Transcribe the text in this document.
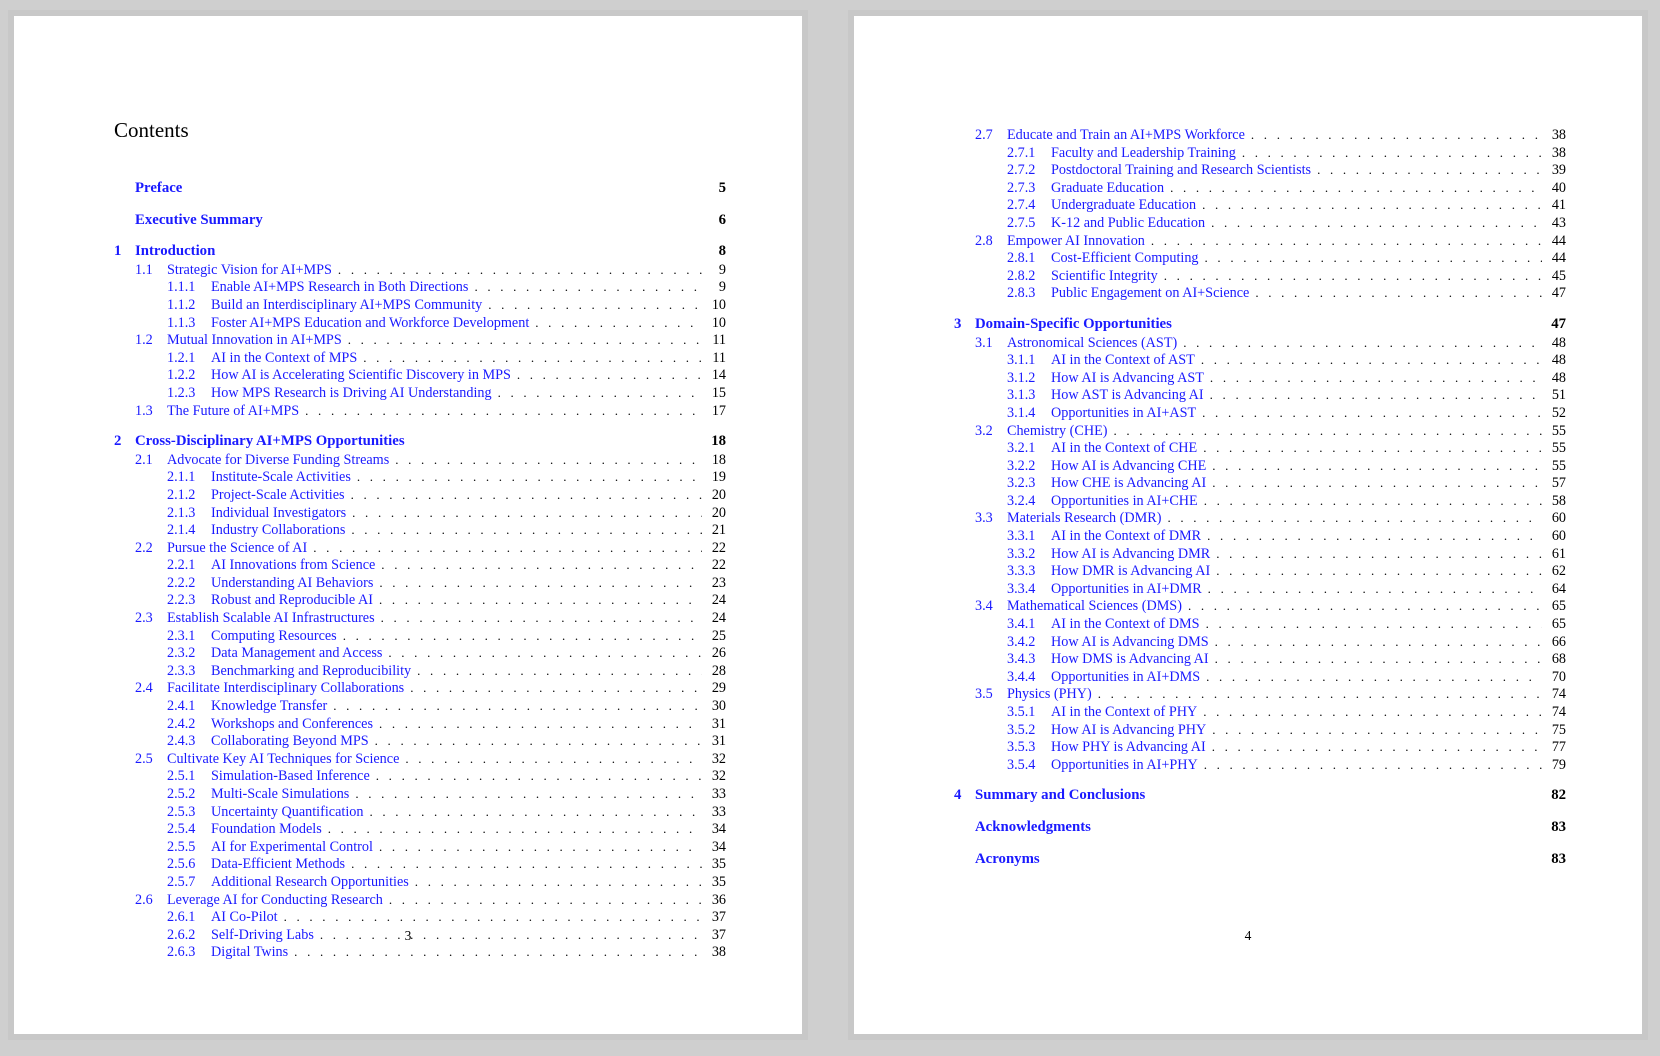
Contents
Preface	5
Executive Summary	6
1 Introduction	8
1.1	Strategic Vision for AI+MPS . . .	9
1.1.1	Enable AI+MPS Research in Both Directions . . .	9
1.1.2	Build an Interdisciplinary AI+MPS Community . . .	10
1.1.3	Foster AI+MPS Education and Workforce Development . . .	10
1.2	Mutual Innovation in AI+MPS . . .	11
1.2.1	AI in the Context of MPS . . .	11
1.2.2	How AI is Accelerating Scientific Discovery in MPS . . .	14
1.2.3	How MPS Research is Driving AI Understanding . . .	15
1.3	The Future of AI+MPS . . .	17
2 Cross-Disciplinary AI+MPS Opportunities	18
2.1	Advocate for Diverse Funding Streams . . .	18
2.1.1	Institute-Scale Activities . . .	19
2.1.2	Project-Scale Activities . . .	20
2.1.3	Individual Investigators . . .	20
2.1.4	Industry Collaborations . . .	21
2.2	Pursue the Science of AI . . .	22
2.2.1	AI Innovations from Science . . .	22
2.2.2	Understanding AI Behaviors . . .	23
2.2.3	Robust and Reproducible AI . . .	24
2.3	Establish Scalable AI Infrastructures . . .	24
2.3.1	Computing Resources . . .	25
2.3.2	Data Management and Access . . .	26
2.3.3	Benchmarking and Reproducibility . . .	28
2.4	Facilitate Interdisciplinary Collaborations . . .	29
2.4.1	Knowledge Transfer . . .	30
2.4.2	Workshops and Conferences . . .	31
2.4.3	Collaborating Beyond MPS . . .	31
2.5	Cultivate Key AI Techniques for Science . . .	32
2.5.1	Simulation-Based Inference . . .	32
2.5.2	Multi-Scale Simulations . . .	33
2.5.3	Uncertainty Quantification . . .	33
2.5.4	Foundation Models . . .	34
2.5.5	AI for Experimental Control . . .	34
2.5.6	Data-Efficient Methods . . .	35
2.5.7	Additional Research Opportunities . . .	35
2.6	Leverage AI for Conducting Research . . .	36
2.6.1	AI Co-Pilot . . .	37
2.6.2	Self-Driving Labs . . .	37
2.6.3	Digital Twins . . .	38
3
2.7	Educate and Train an AI+MPS Workforce . . .	38
2.7.1	Faculty and Leadership Training . . .	38
2.7.2	Postdoctoral Training and Research Scientists . . .	39
2.7.3	Graduate Education . . .	40
2.7.4	Undergraduate Education . . .	41
2.7.5	K-12 and Public Education . . .	43
2.8	Empower AI Innovation . . .	44
2.8.1	Cost-Efficient Computing . . .	44
2.8.2	Scientific Integrity . . .	45
2.8.3	Public Engagement on AI+Science . . .	47
3 Domain-Specific Opportunities	47
3.1	Astronomical Sciences (AST) . . .	48
3.1.1	AI in the Context of AST . . .	48
3.1.2	How AI is Advancing AST . . .	48
3.1.3	How AST is Advancing AI . . .	51
3.1.4	Opportunities in AI+AST . . .	52
3.2	Chemistry (CHE) . . .	55
3.2.1	AI in the Context of CHE . . .	55
3.2.2	How AI is Advancing CHE . . .	55
3.2.3	How CHE is Advancing AI . . .	57
3.2.4	Opportunities in AI+CHE . . .	58
3.3	Materials Research (DMR) . . .	60
3.3.1	AI in the Context of DMR . . .	60
3.3.2	How AI is Advancing DMR . . .	61
3.3.3	How DMR is Advancing AI . . .	62
3.3.4	Opportunities in AI+DMR . . .	64
3.4	Mathematical Sciences (DMS) . . .	65
3.4.1	AI in the Context of DMS . . .	65
3.4.2	How AI is Advancing DMS . . .	66
3.4.3	How DMS is Advancing AI . . .	68
3.4.4	Opportunities in AI+DMS . . .	70
3.5	Physics (PHY) . . .	74
3.5.1	AI in the Context of PHY . . .	74
3.5.2	How AI is Advancing PHY . . .	75
3.5.3	How PHY is Advancing AI . . .	77
3.5.4	Opportunities in AI+PHY . . .	79
4 Summary and Conclusions	82
Acknowledgments	83
Acronyms	83
4
